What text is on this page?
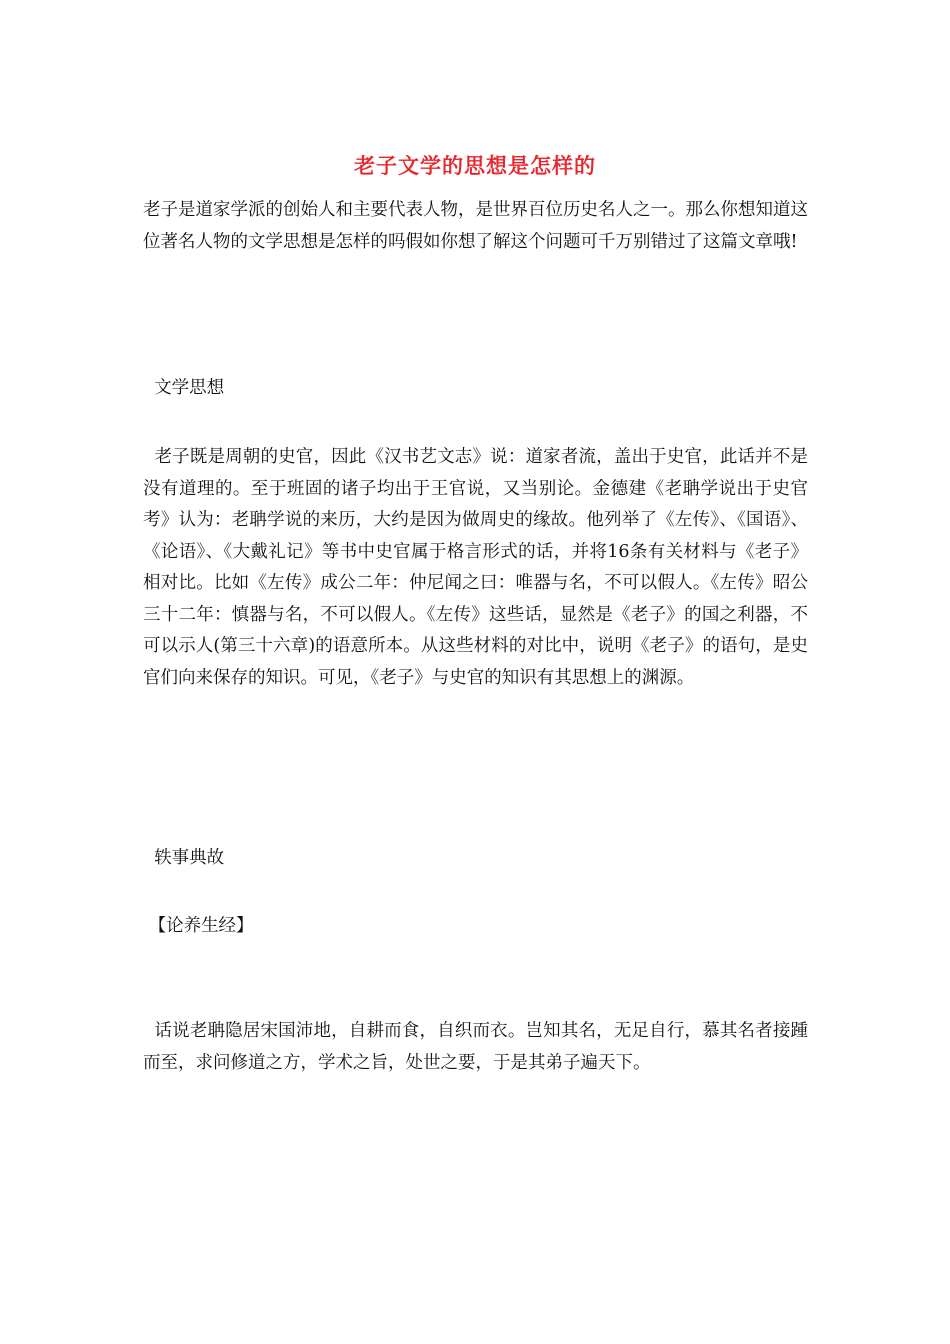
老子文学的思想是怎样的

老子是道家学派的创始人和主要代表人物，是世界百位历史名人之一。那么你想知道这位著名人物的文学思想是怎样的吗假如你想了解这个问题可千万别错过了这篇文章哦!

文学思想

老子既是周朝的史官，因此《汉书艺文志》说：道家者流，盖出于史官，此话并不是没有道理的。至于班固的诸子均出于王官说，又当别论。金德建《老聃学说出于史官考》认为：老聃学说的来历，大约是因为做周史的缘故。他列举了《左传》、《国语》、《论语》、《大戴礼记》等书中史官属于格言形式的话，并将16条有关材料与《老子》相对比。比如《左传》成公二年：仲尼闻之曰：唯器与名，不可以假人。《左传》昭公三十二年：慎器与名，不可以假人。《左传》这些话，显然是《老子》的国之利器，不可以示人(第三十六章)的语意所本。从这些材料的对比中，说明《老子》的语句，是史官们向来保存的知识。可见，《老子》与史官的知识有其思想上的渊源。

轶事典故

【论养生经】

话说老聃隐居宋国沛地，自耕而食，自织而衣。岂知其名，无足自行，慕其名者接踵而至，求问修道之方，学术之旨，处世之要，于是其弟子遍天下。
